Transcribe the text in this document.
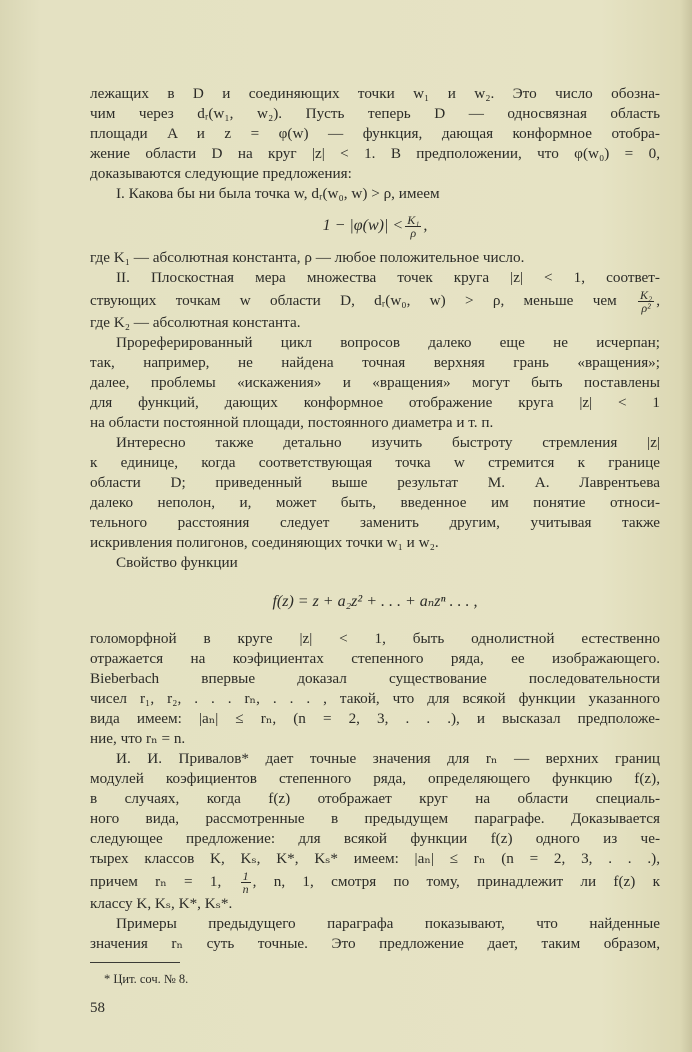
лежащих в D и соединяющих точки w₁ и w₂. Это число обозна-
чим через dᵣ(w₁, w₂). Пусть теперь D — односвязная область
площади A и z = φ(w) — функция, дающая конформное отобра-
жение области D на круг |z| < 1. В предположении, что φ(w₀) = 0,
доказываются следующие предложения:
I. Какова бы ни была точка w, dᵣ(w₀, w) > ρ, имеем
$1 - |\varphi(w)| < \frac{\text{K₁}}{\rho}$ ,
где K₁ — абсолютная константа, ρ — любое положительное число.
II. Плоскостная мера множества точек круга |z| < 1, соответ-
ствующих точкам w области D, dᵣ(w₀, w) > ρ, меньше чем $\frac{\text{K₂}}{\text{ρ²}}$ ,
где K₂ — абсолютная константа.
Прореферированный цикл вопросов далеко еще не исчерпан;
так, например, не найдена точная верхняя грань «вращения»;
далее, проблемы «искажения» и «вращения» могут быть поставлены
для функций, дающих конформное отображение круга |z| < 1
на области постоянной площади, постоянного диаметра и т. п.
Интересно также детально изучить быстроту стремления |z|
к единице, когда соответствующая точка w стремится к границе
области D; приведенный выше результат М. А. Лаврентьева
далеко неполон, и, может быть, введенное им понятие относи-
тельного расстояния следует заменить другим, учитывая также
искривления полигонов, соединяющих точки w₁ и w₂.
Свойство функции
f(z) = z + a₂z² + . . . + aₙzⁿ . . . ,
голоморфной в круге |z| < 1, быть однолистной естественно
отражается на коэфициентах степенного ряда, ее изображающего.
Bieberbach впервые доказал существование последовательности
чисел r₁, r₂, . . . rₙ, . . . , такой, что для всякой функции указанного
вида имеем: |aₙ| ≤ rₙ, (n = 2, 3, . . .), и высказал предположе-
ние, что rₙ = n.
И. И. Привалов* дает точные значения для rₙ — верхних границ
модулей коэфициентов степенного ряда, определяющего функцию f(z),
в случаях, когда f(z) отображает круг на области специаль-
ного вида, рассмотренные в предыдущем параграфе. Доказывается
следующее предложение: для всякой функции f(z) одного из че-
тырех классов K, Kₛ, K*, Kₛ* имеем: |aₙ| ≤ rₙ (n = 2, 3, . . .),
причем rₙ = 1, $\frac{1}{n}$ , n, 1, смотря по тому, принадлежит ли f(z) к
классу K, Kₛ, K*, Kₛ*.
Примеры предыдущего параграфа показывают, что найденные
значения rₙ суть точные. Это предложение дает, таким образом,
* Цит. соч. № 8.
58
